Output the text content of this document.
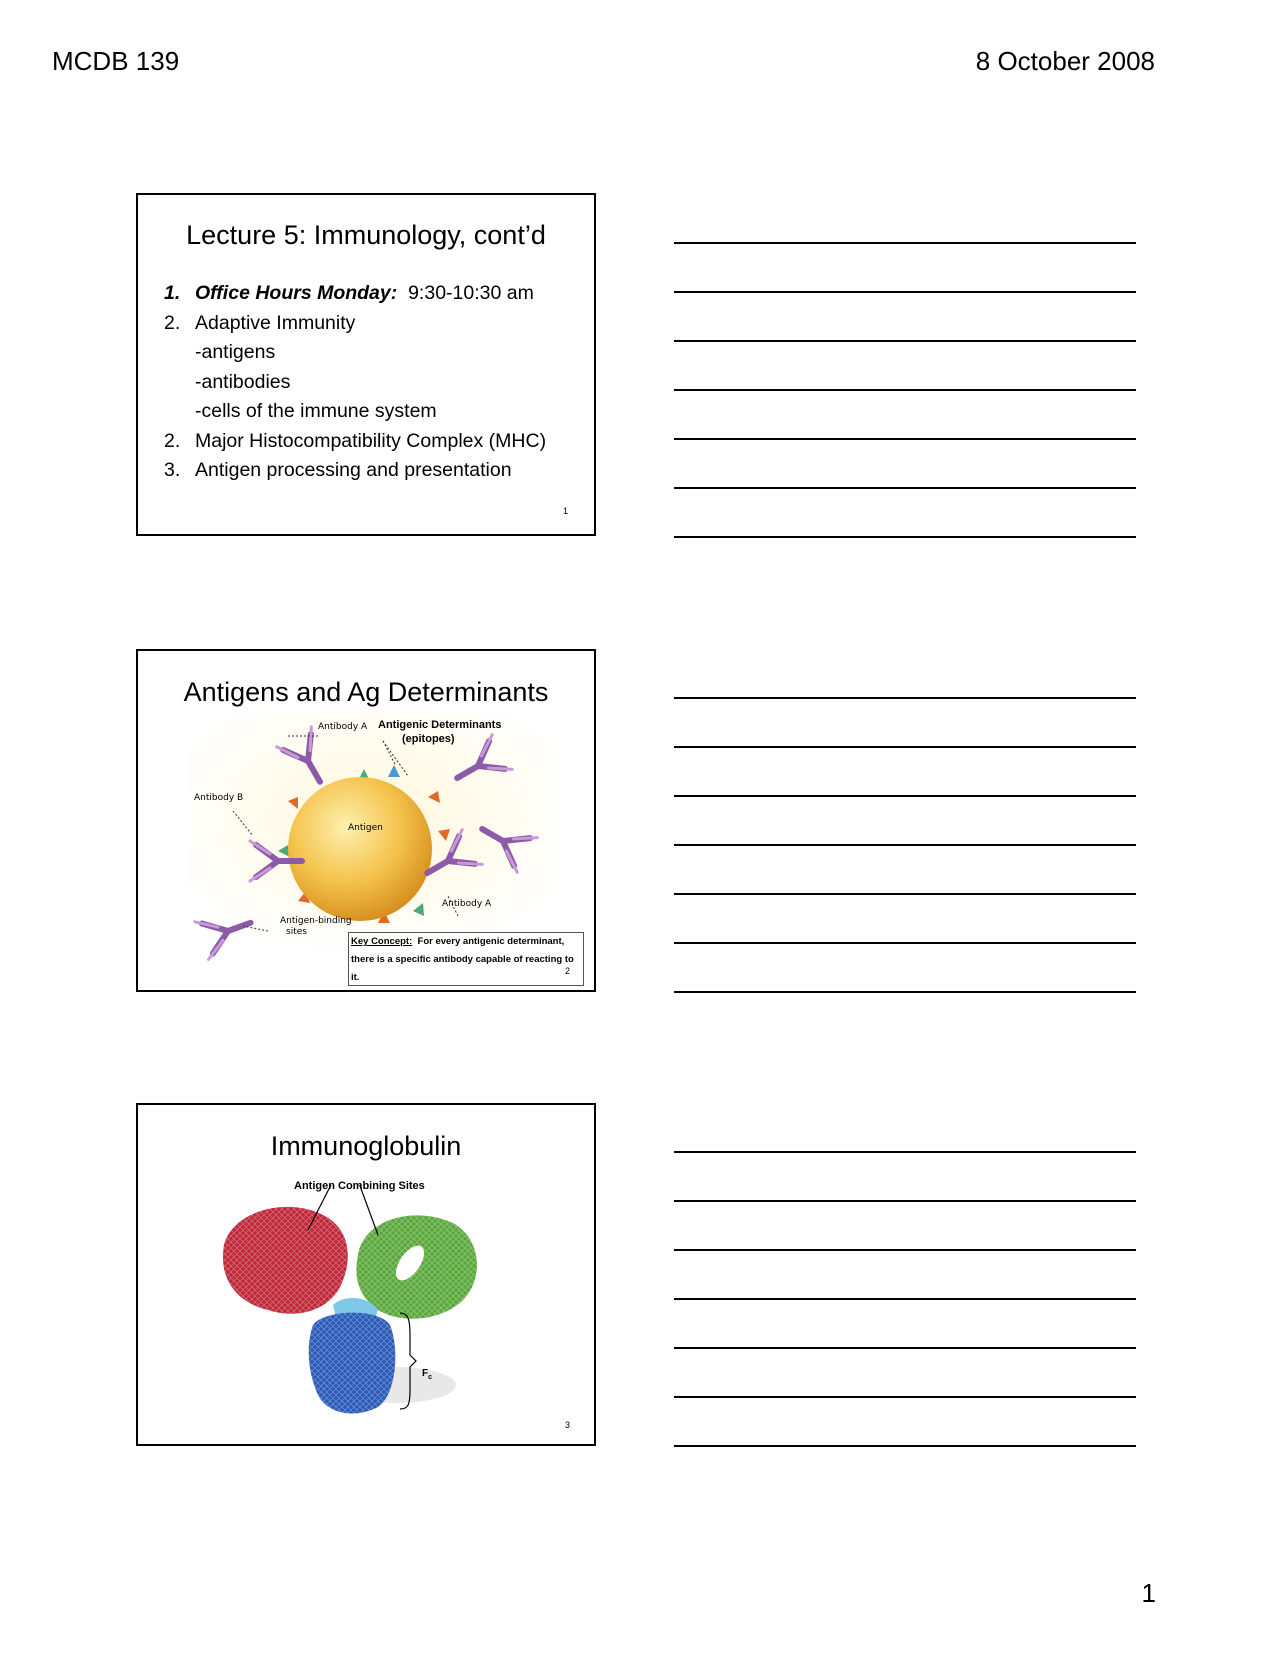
MCDB 139	8 October 2008
Lecture 5: Immunology, cont’d
1. Office Hours Monday:  9:30-10:30 am
2. Adaptive Immunity
-antigens
-antibodies
-cells of the immune system
2. Major Histocompatibility Complex (MHC)
3. Antigen processing and presentation
1
Antigens and Ag Determinants
Antibody A Antigenic Determinants
(epitopes)
Antibody B
Antigen
Antibody A
Antigen-binding
sites
Key Concept:  For every antigenic determinant, there is a specific antibody capable of reacting to it.
2
Immunoglobulin
Antigen Combining Sites
$F_c$
3
1
